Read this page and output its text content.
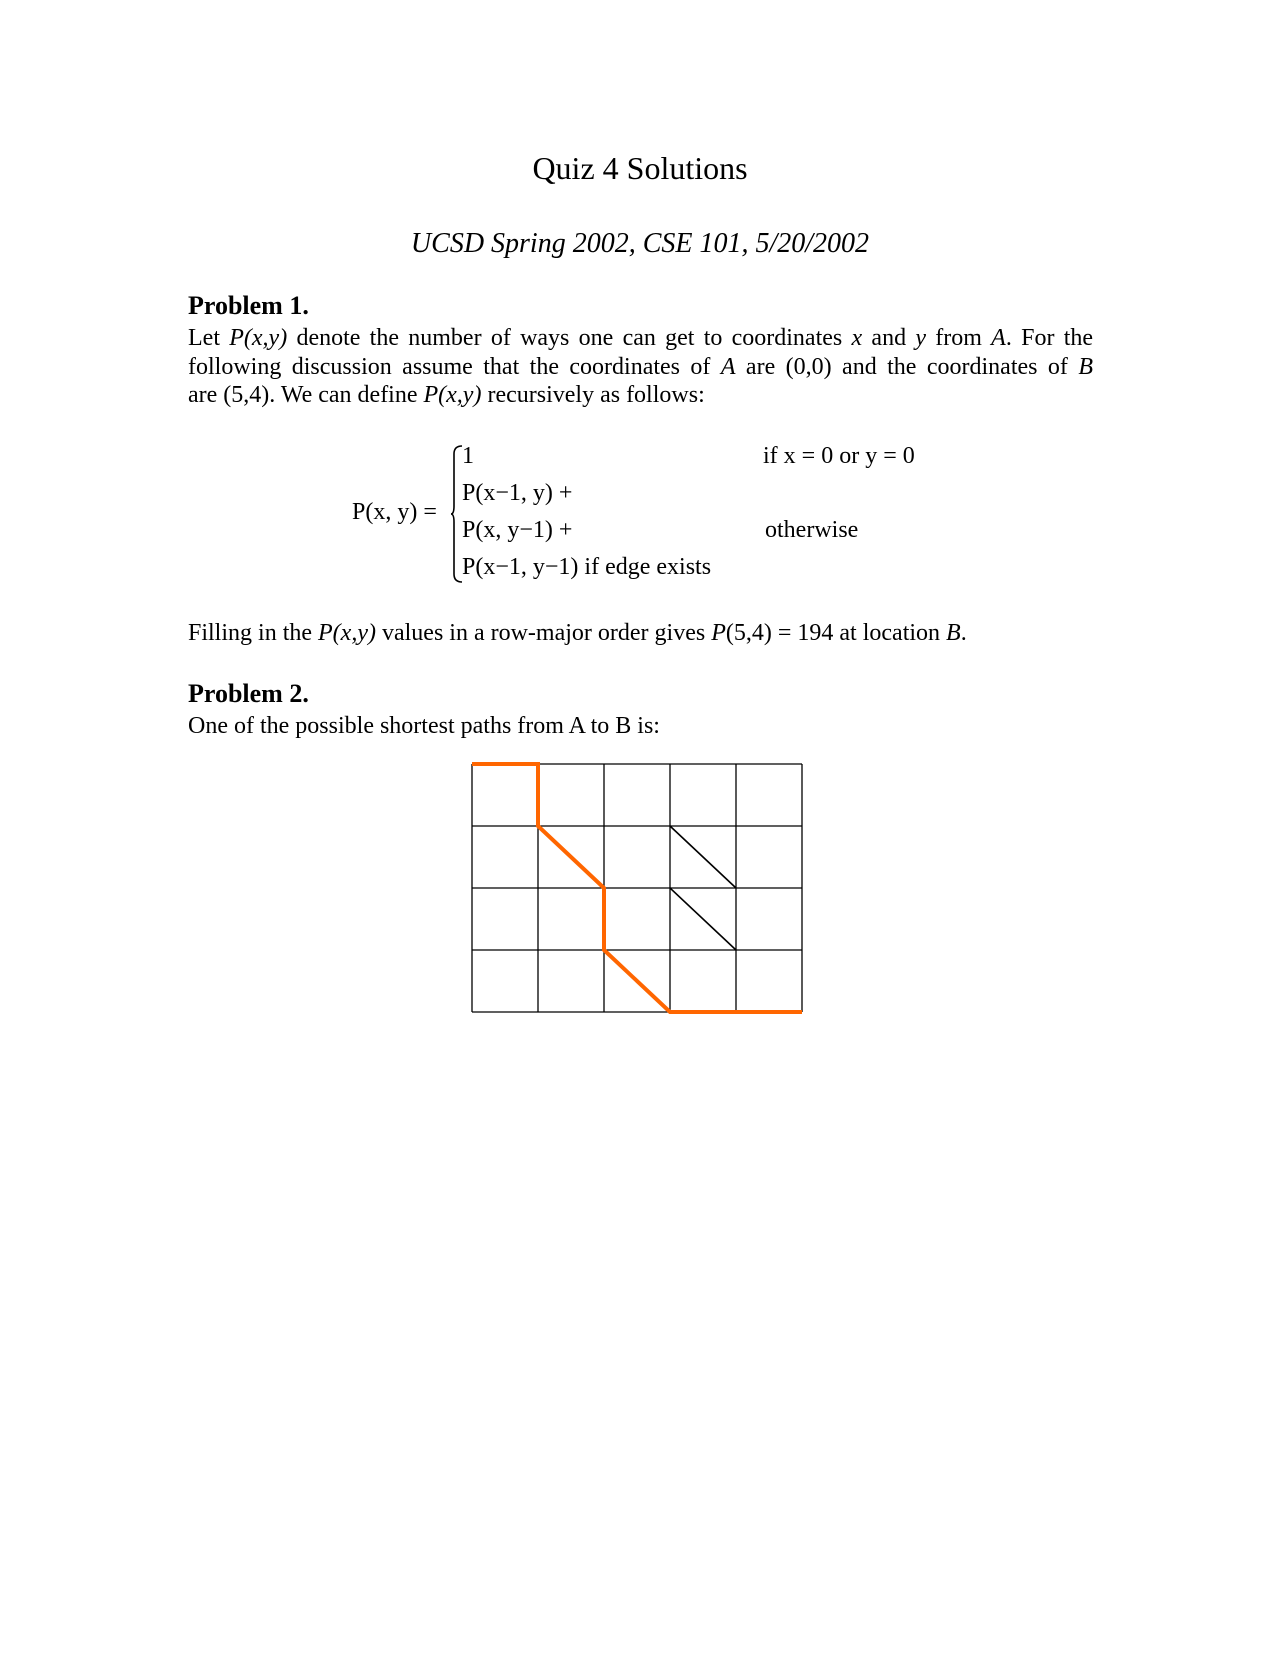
Quiz 4 Solutions
UCSD Spring 2002, CSE 101, 5/20/2002
Problem 1.
Let P(x,y) denote the number of ways one can get to coordinates x and y from A. For the
following discussion assume that the coordinates of A are (0,0) and the coordinates of B
are (5,4). We can define P(x,y) recursively as follows:
P(x, y) =
1
P(x−1, y) +
P(x, y−1) +
P(x−1, y−1) if edge exists
if x = 0 or y = 0
otherwise
Filling in the P(x,y) values in a row-major order gives P(5,4) = 194 at location B.
Problem 2.
One of the possible shortest paths from A to B is:
